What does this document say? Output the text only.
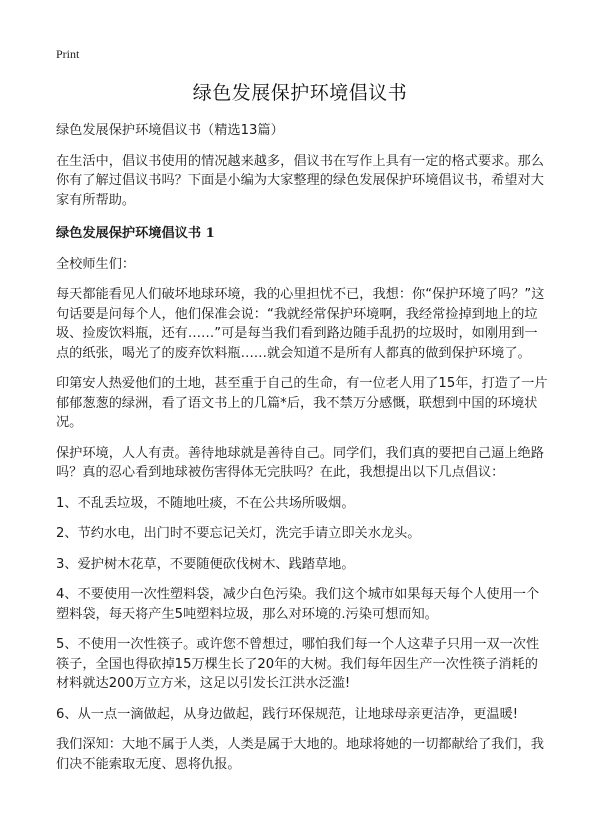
Print
绿色发展保护环境倡议书

绿色发展保护环境倡议书（精选13篇）

在生活中，倡议书使用的情况越来越多，倡议书在写作上具有一定的格式要求。那么你有了解过倡议书吗？下面是小编为大家整理的绿色发展保护环境倡议书，希望对大家有所帮助。

绿色发展保护环境倡议书 1

全校师生们：

每天都能看见人们破坏地球环境，我的心里担忧不已，我想：你“保护环境了吗？”这句话要是问每个人，他们保准会说：“我就经常保护环境啊，我经常捡掉到地上的垃圾、捡废饮料瓶，还有……”可是每当我们看到路边随手乱扔的垃圾时，如刚用到一点的纸张，喝光了的废弃饮料瓶……就会知道不是所有人都真的做到保护环境了。

印第安人热爱他们的土地，甚至重于自己的生命，有一位老人用了15年，打造了一片郁郁葱葱的绿洲，看了语文书上的几篇*后，我不禁万分感慨，联想到中国的环境状况。

保护环境，人人有责。善待地球就是善待自己。同学们，我们真的要把自己逼上绝路吗？真的忍心看到地球被伤害得体无完肤吗？在此，我想提出以下几点倡议：

1、不乱丢垃圾，不随地吐痰，不在公共场所吸烟。

2、节约水电，出门时不要忘记关灯，洗完手请立即关水龙头。

3、爱护树木花草，不要随便砍伐树木、践踏草地。

4、不要使用一次性塑料袋，减少白色污染。我们这个城市如果每天每个人使用一个塑料袋，每天将产生5吨塑料垃圾，那么对环境的.污染可想而知。

5、不使用一次性筷子。或许您不曾想过，哪怕我们每一个人这辈子只用一双一次性筷子，全国也得砍掉15万棵生长了20年的大树。我们每年因生产一次性筷子消耗的材料就达200万立方米，这足以引发长江洪水泛滥!

6、从一点一滴做起，从身边做起，践行环保规范，让地球母亲更洁净，更温暖!

我们深知：大地不属于人类，人类是属于大地的。地球将她的一切都献给了我们，我们决不能索取无度、恩将仇报。
